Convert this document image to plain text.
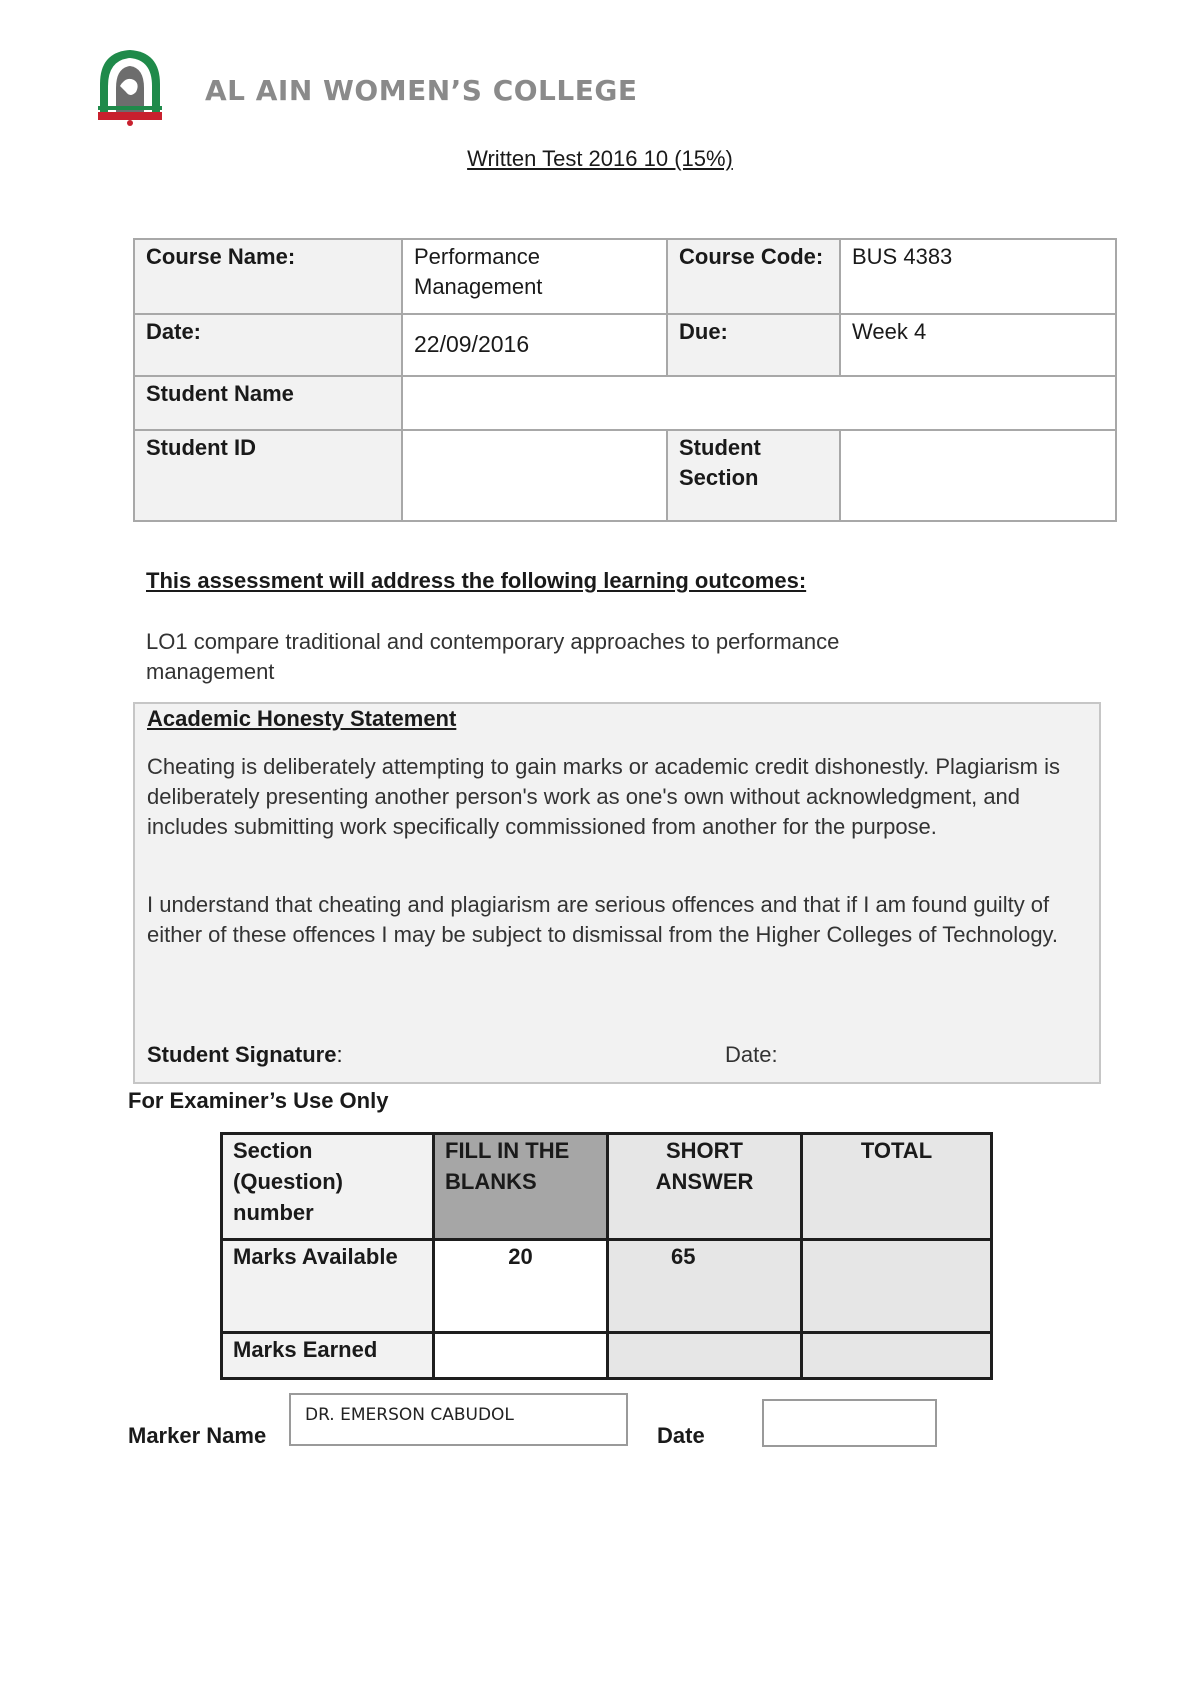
AL AIN WOMEN’S COLLEGE
Written Test 2016 10 (15%)
Course Name:	Performance Management	Course Code:	BUS 4383
Date:	22/09/2016	Due:	Week 4
Student Name			
Student ID		Student Section	
This assessment will address the following learning outcomes:
LO1 compare traditional and contemporary approaches to performance management
Academic Honesty Statement
Cheating is deliberately attempting to gain marks or academic credit dishonestly. Plagiarism is deliberately presenting another person's work as one's own without acknowledgment, and includes submitting work specifically commissioned from another for the purpose.
I understand that cheating and plagiarism are serious offences and that if I am found guilty of either of these offences I may be subject to dismissal from the Higher Colleges of Technology.
Student Signature:	Date:
For Examiner’s Use Only
Section (Question) number	FILL IN THE BLANKS	SHORT ANSWER	TOTAL
Marks Available	20	65	
Marks Earned			
Marker Name
DR. EMERSON CABUDOL
Date
